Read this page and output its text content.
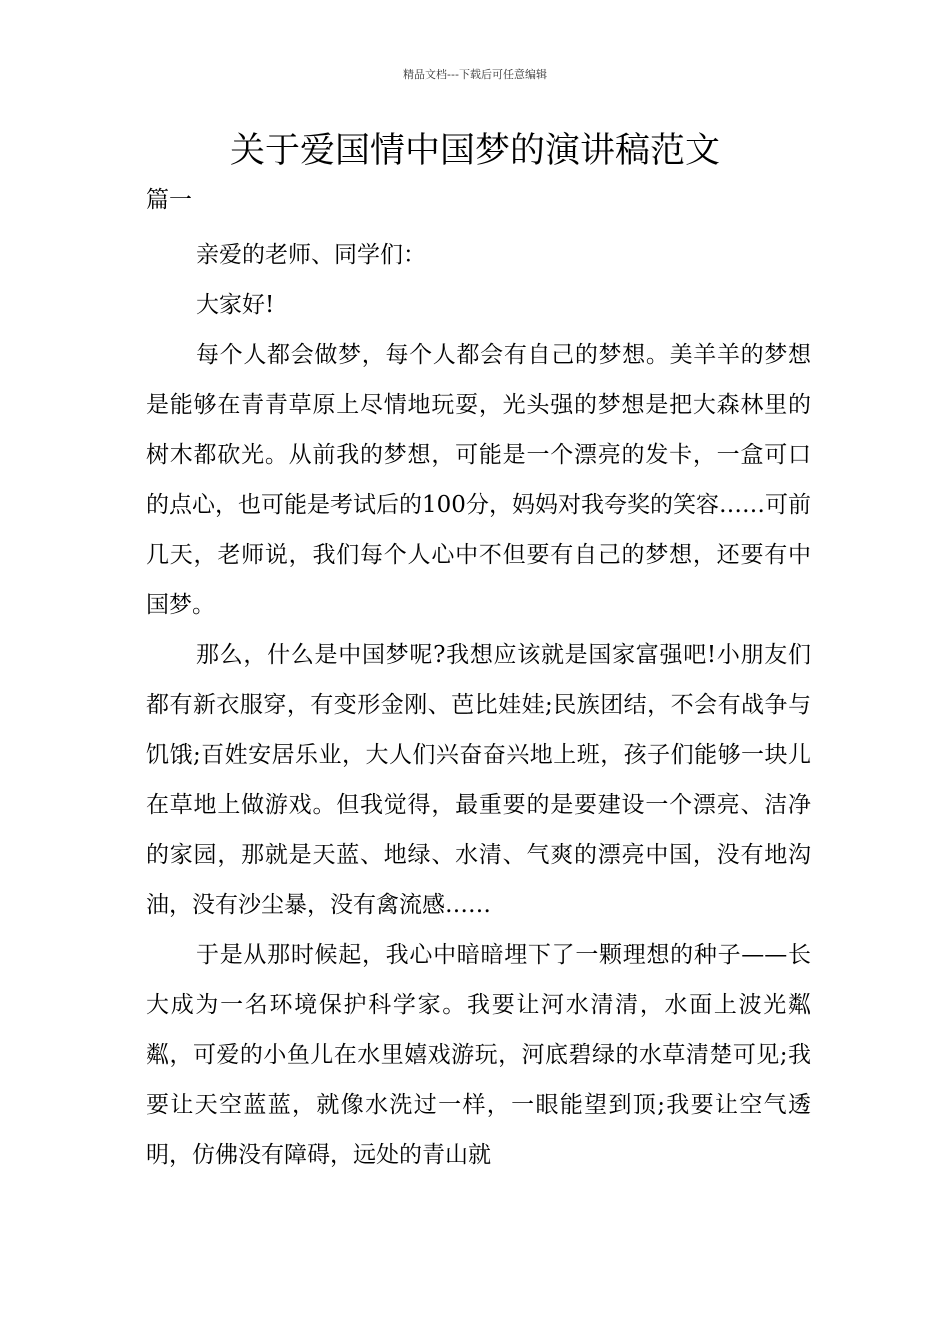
精品文档---下载后可任意编辑
关于爱国情中国梦的演讲稿范文
篇一

亲爱的老师、同学们：

大家好!

每个人都会做梦，每个人都会有自己的梦想。美羊羊的梦想是能够在青青草原上尽情地玩耍，光头强的梦想是把大森林里的树木都砍光。从前我的梦想，可能是一个漂亮的发卡，一盒可口的点心，也可能是考试后的100分，妈妈对我夸奖的笑容……可前几天，老师说，我们每个人心中不但要有自己的梦想，还要有中国梦。

那么，什么是中国梦呢?我想应该就是国家富强吧!小朋友们都有新衣服穿，有变形金刚、芭比娃娃;民族团结，不会有战争与饥饿;百姓安居乐业，大人们兴奋奋兴地上班，孩子们能够一块儿在草地上做游戏。但我觉得，最重要的是要建设一个漂亮、洁净的家园，那就是天蓝、地绿、水清、气爽的漂亮中国，没有地沟油，没有沙尘暴，没有禽流感……

于是从那时候起，我心中暗暗埋下了一颗理想的种子——长大成为一名环境保护科学家。我要让河水清清，水面上波光粼粼，可爱的小鱼儿在水里嬉戏游玩，河底碧绿的水草清楚可见;我要让天空蓝蓝，就像水洗过一样，一眼能望到顶;我要让空气透明，仿佛没有障碍，远处的青山就
